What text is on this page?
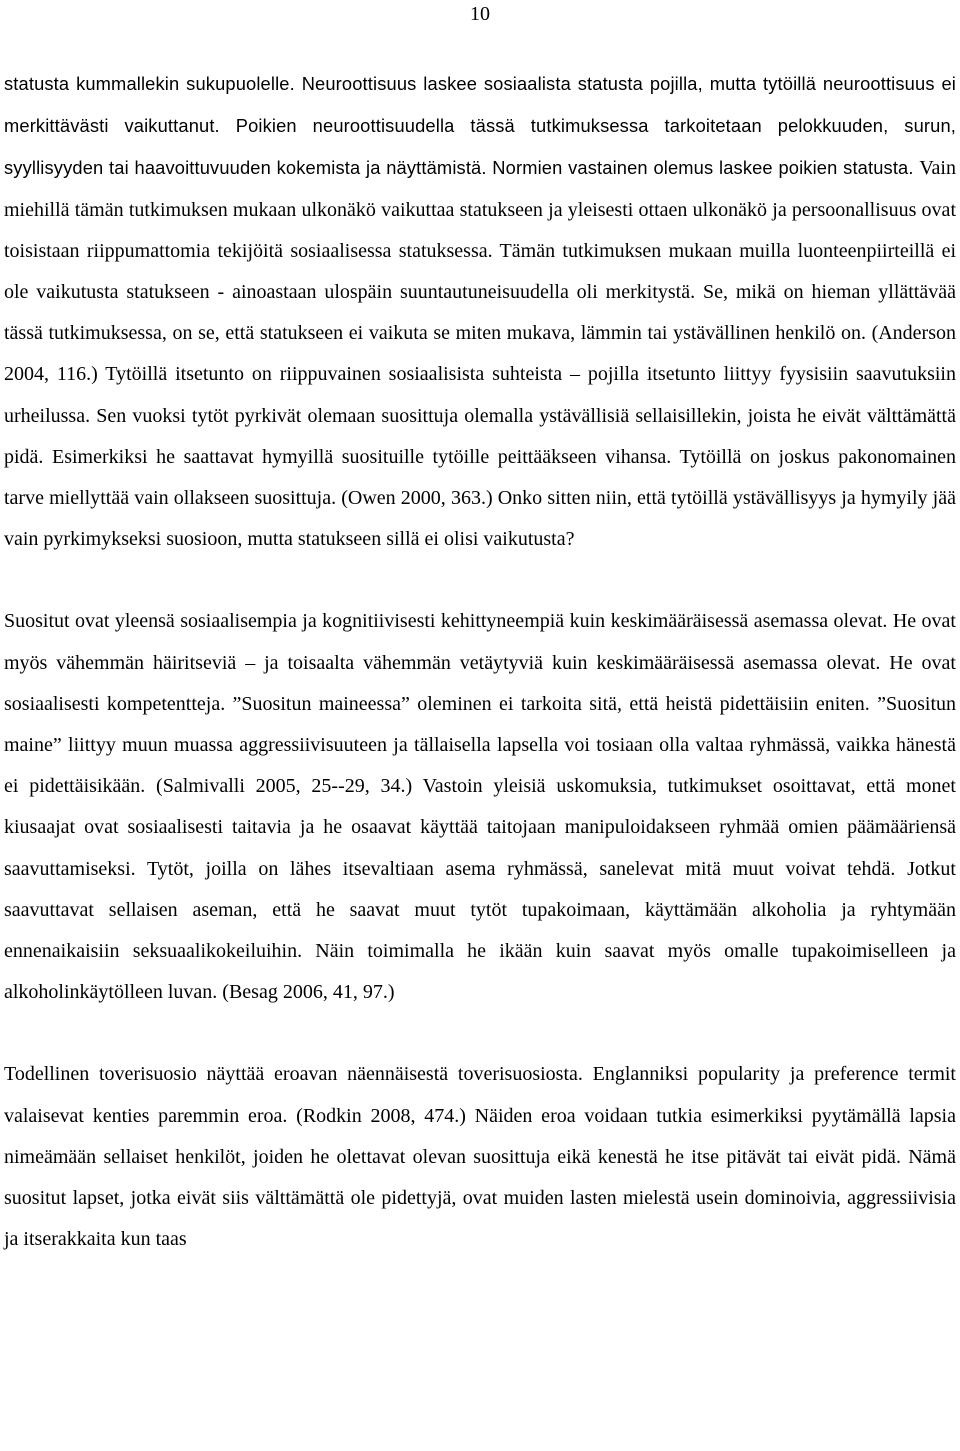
10

statusta kummallekin sukupuolelle. Neuroottisuus laskee sosiaalista statusta pojilla, mutta tytöillä neuroottisuus ei merkittävästi vaikuttanut. Poikien neuroottisuudella tässä tutkimuksessa tarkoitetaan pelokkuuden, surun, syyllisyyden tai haavoittuvuuden kokemista ja näyttämistä. Normien vastainen olemus laskee poikien statusta. Vain miehillä tämän tutkimuksen mukaan ulkonäkö vaikuttaa statukseen ja yleisesti ottaen ulkonäkö ja persoonallisuus ovat toisistaan riippumattomia tekijöitä sosiaalisessa statuksessa. Tämän tutkimuksen mukaan muilla luonteenpiirteillä ei ole vaikutusta statukseen - ainoastaan ulospäin suuntautuneisuudella oli merkitystä. Se, mikä on hieman yllättävää tässä tutkimuksessa, on se, että statukseen ei vaikuta se miten mukava, lämmin tai ystävällinen henkilö on. (Anderson 2004, 116.) Tytöillä itsetunto on riippuvainen sosiaalisista suhteista – pojilla itsetunto liittyy fyysisiin saavutuksiin urheilussa. Sen vuoksi tytöt pyrkivät olemaan suosittuja olemalla ystävällisiä sellaisillekin, joista he eivät välttämättä pidä. Esimerkiksi he saattavat hymyillä suosituille tytöille peittääkseen vihansa. Tytöillä on joskus pakonomainen tarve miellyttää vain ollakseen suosittuja. (Owen 2000, 363.) Onko sitten niin, että tytöillä ystävällisyys ja hymyily jää vain pyrkimykseksi suosioon, mutta statukseen sillä ei olisi vaikutusta?

Suositut ovat yleensä sosiaalisempia ja kognitiivisesti kehittyneempiä kuin keskimääräisessä asemassa olevat. He ovat myös vähemmän häiritseviä – ja toisaalta vähemmän vetäytyviä kuin keskimääräisessä asemassa olevat. He ovat sosiaalisesti kompetentteja. ”Suositun maineessa” oleminen ei tarkoita sitä, että heistä pidettäisiin eniten. ”Suositun maine” liittyy muun muassa aggressiivisuuteen ja tällaisella lapsella voi tosiaan olla valtaa ryhmässä, vaikka hänestä ei pidettäisikään. (Salmivalli 2005, 25--29, 34.) Vastoin yleisiä uskomuksia, tutkimukset osoittavat, että monet kiusaajat ovat sosiaalisesti taitavia ja he osaavat käyttää taitojaan manipuloidakseen ryhmää omien päämääriensä saavuttamiseksi. Tytöt, joilla on lähes itsevaltiaan asema ryhmässä, sanelevat mitä muut voivat tehdä. Jotkut saavuttavat sellaisen aseman, että he saavat muut tytöt tupakoimaan, käyttämään alkoholia ja ryhtymään ennenaikaisiin seksuaalikokeiluihin. Näin toimimalla he ikään kuin saavat myös omalle tupakoimiselleen ja alkoholinkäytölleen luvan. (Besag 2006, 41, 97.)

Todellinen toverisuosio näyttää eroavan näennäisestä toverisuosiosta. Englanniksi popularity ja preference termit valaisevat kenties paremmin eroa. (Rodkin 2008, 474.) Näiden eroa voidaan tutkia esimerkiksi pyytämällä lapsia nimeämään sellaiset henkilöt, joiden he olettavat olevan suosittuja eikä kenestä he itse pitävät tai eivät pidä. Nämä suositut lapset, jotka eivät siis välttämättä ole pidettyjä, ovat muiden lasten mielestä usein dominoivia, aggressiivisia ja itserakkaita kun taas
